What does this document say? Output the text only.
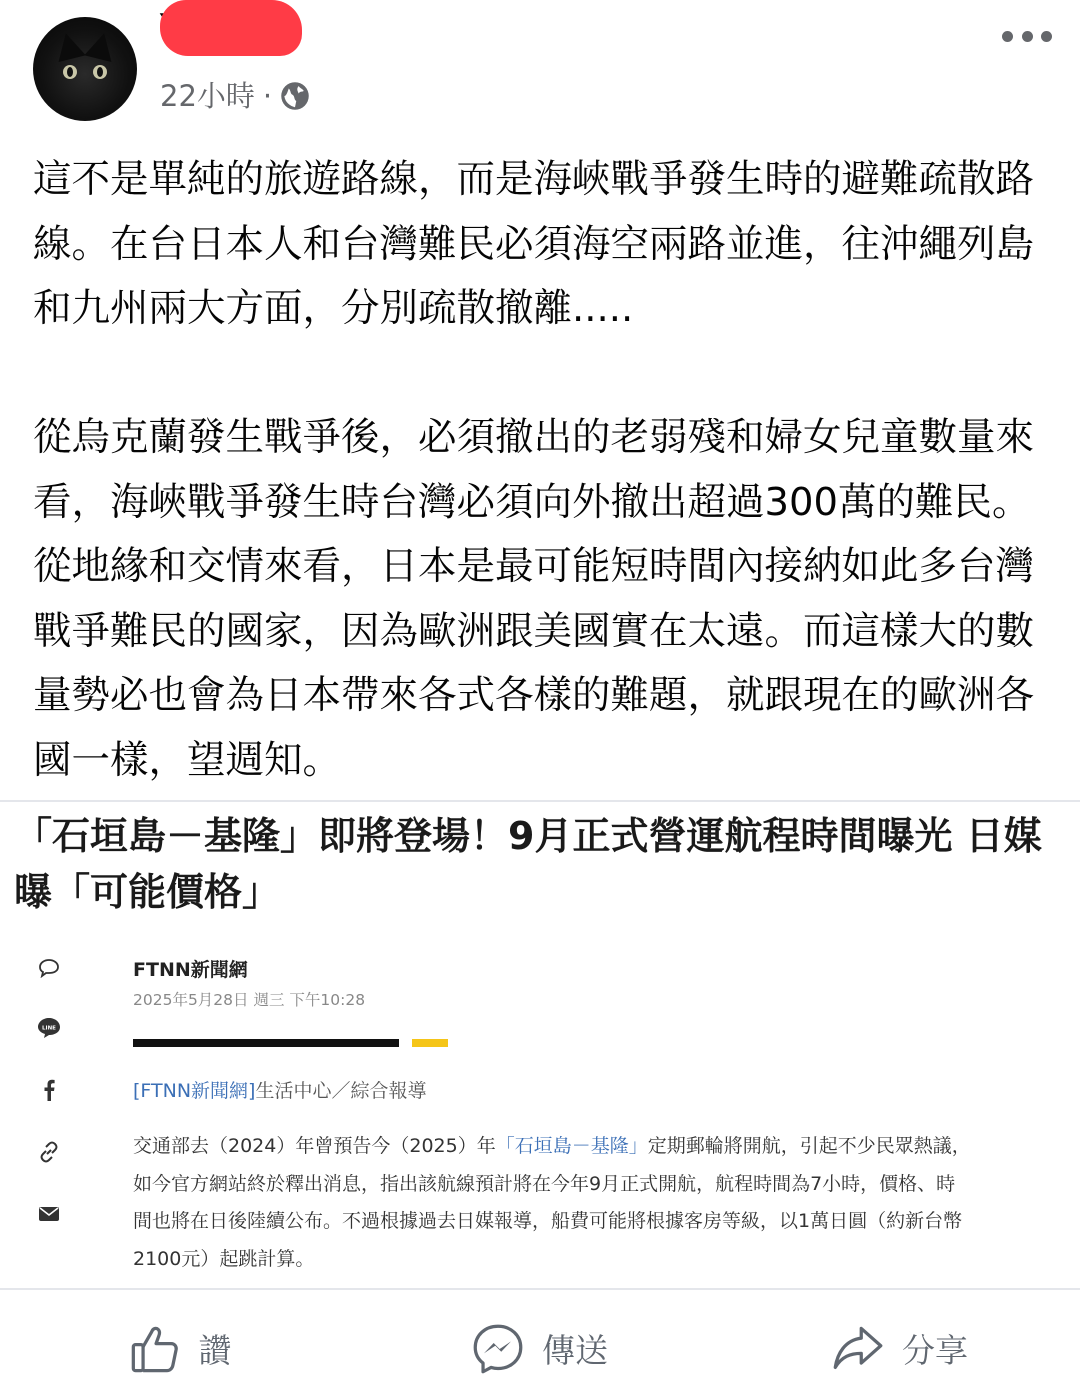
22小時 ·

這不是單純的旅遊路線，而是海峽戰爭發生時的避難疏散路線。在台日本人和台灣難民必須海空兩路並進，往沖繩列島和九州兩大方面，分別疏散撤離.....

從烏克蘭發生戰爭後，必須撤出的老弱殘和婦女兒童數量來看，海峽戰爭發生時台灣必須向外撤出超過300萬的難民。從地緣和交情來看，日本是最可能短時間內接納如此多台灣戰爭難民的國家，因為歐洲跟美國實在太遠。而這樣大的數量勢必也會為日本帶來各式各樣的難題，就跟現在的歐洲各國一樣，望週知。

「石垣島－基隆」即將登場！9月正式營運航程時間曝光 日媒曝「可能價格」
LINE
FTNN新聞網
2025年5月28日 週三 下午10:28
[FTNN新聞網]生活中心／綜合報導
交通部去（2024）年曾預告今（2025）年「石垣島－基隆」定期郵輪將開航，引起不少民眾熱議，如今官方網站終於釋出消息，指出該航線預計將在今年9月正式開航，航程時間為7小時，價格、時間也將在日後陸續公布。不過根據過去日媒報導，船費可能將根據客房等級，以1萬日圓（約新台幣2100元）起跳計算。
讚	傳送	分享
